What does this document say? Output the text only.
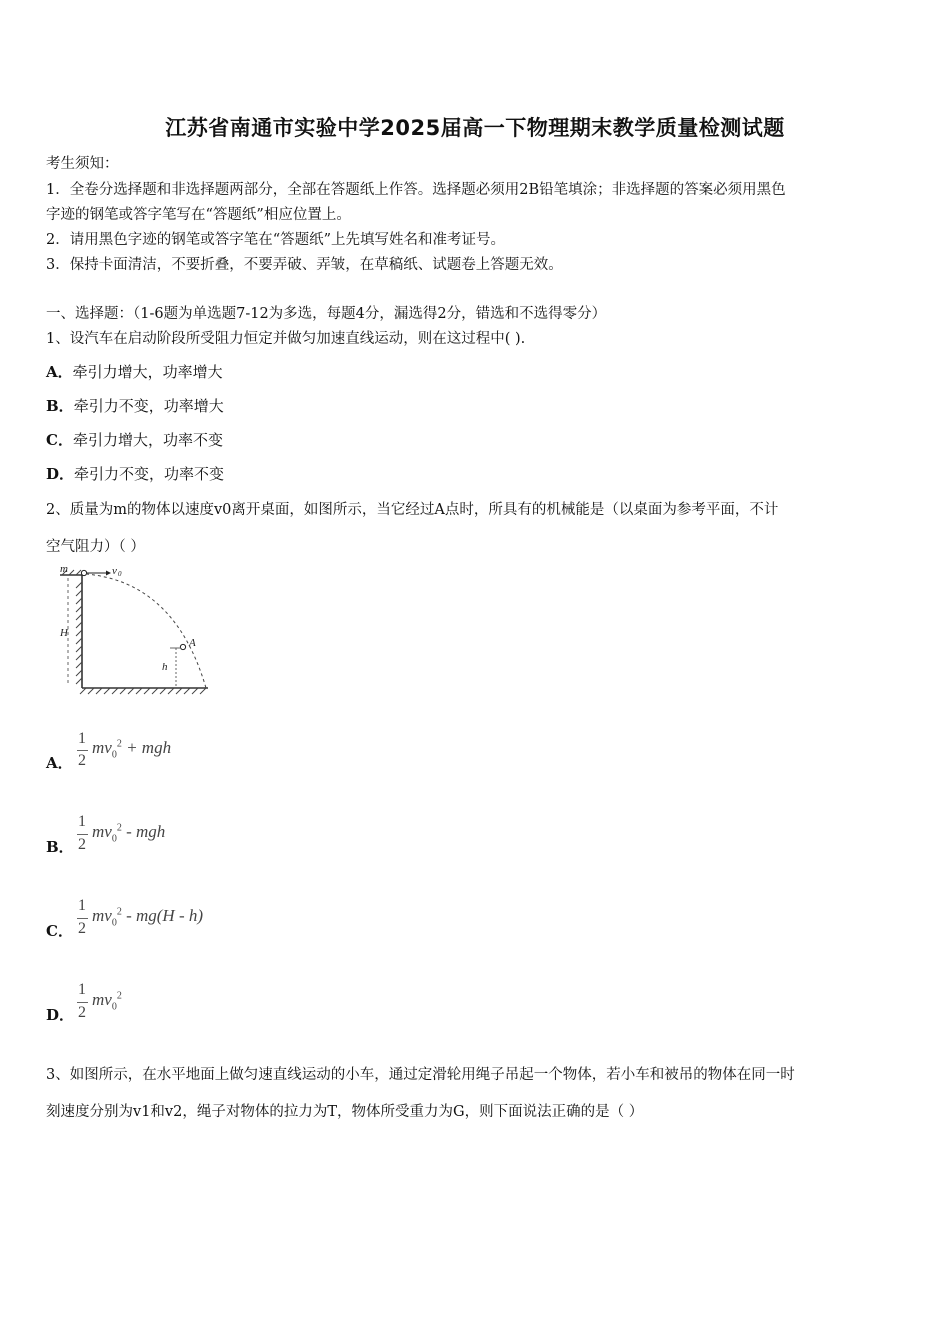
江苏省南通市实验中学2025届高一下物理期末教学质量检测试题
考生须知：
1．全卷分选择题和非选择题两部分，全部在答题纸上作答。选择题必须用2B铅笔填涂；非选择题的答案必须用黑色
字迹的钢笔或答字笔写在“答题纸”相应位置上。
2．请用黑色字迹的钢笔或答字笔在“答题纸”上先填写姓名和准考证号。
3．保持卡面清洁，不要折叠，不要弄破、弄皱，在草稿纸、试题卷上答题无效。
一、选择题：（1-6题为单选题7-12为多选，每题4分，漏选得2分，错选和不选得零分）
1、设汽车在启动阶段所受阻力恒定并做匀加速直线运动，则在这过程中( ).
A．牵引力增大，功率增大
B．牵引力不变，功率增大
C．牵引力增大，功率不变
D．牵引力不变，功率不变
2、质量为m的物体以速度v0离开桌面，如图所示，当它经过A点时，所具有的机械能是（以桌面为参考平面，不计
空气阻力）（ ）
H
m	v 0
A
h
A．
1
2
$mv_0^2$ + mgh
B．
1
2
$mv_0^2$ - mgh
C．
1
2
$mv_0^2 - mg(H - h)$
D．
1
2
$mv_0^2$
3、如图所示，在水平地面上做匀速直线运动的小车，通过定滑轮用绳子吊起一个物体，若小车和被吊的物体在同一时
刻速度分别为v1和v2，绳子对物体的拉力为T，物体所受重力为G，则下面说法正确的是（ ）
